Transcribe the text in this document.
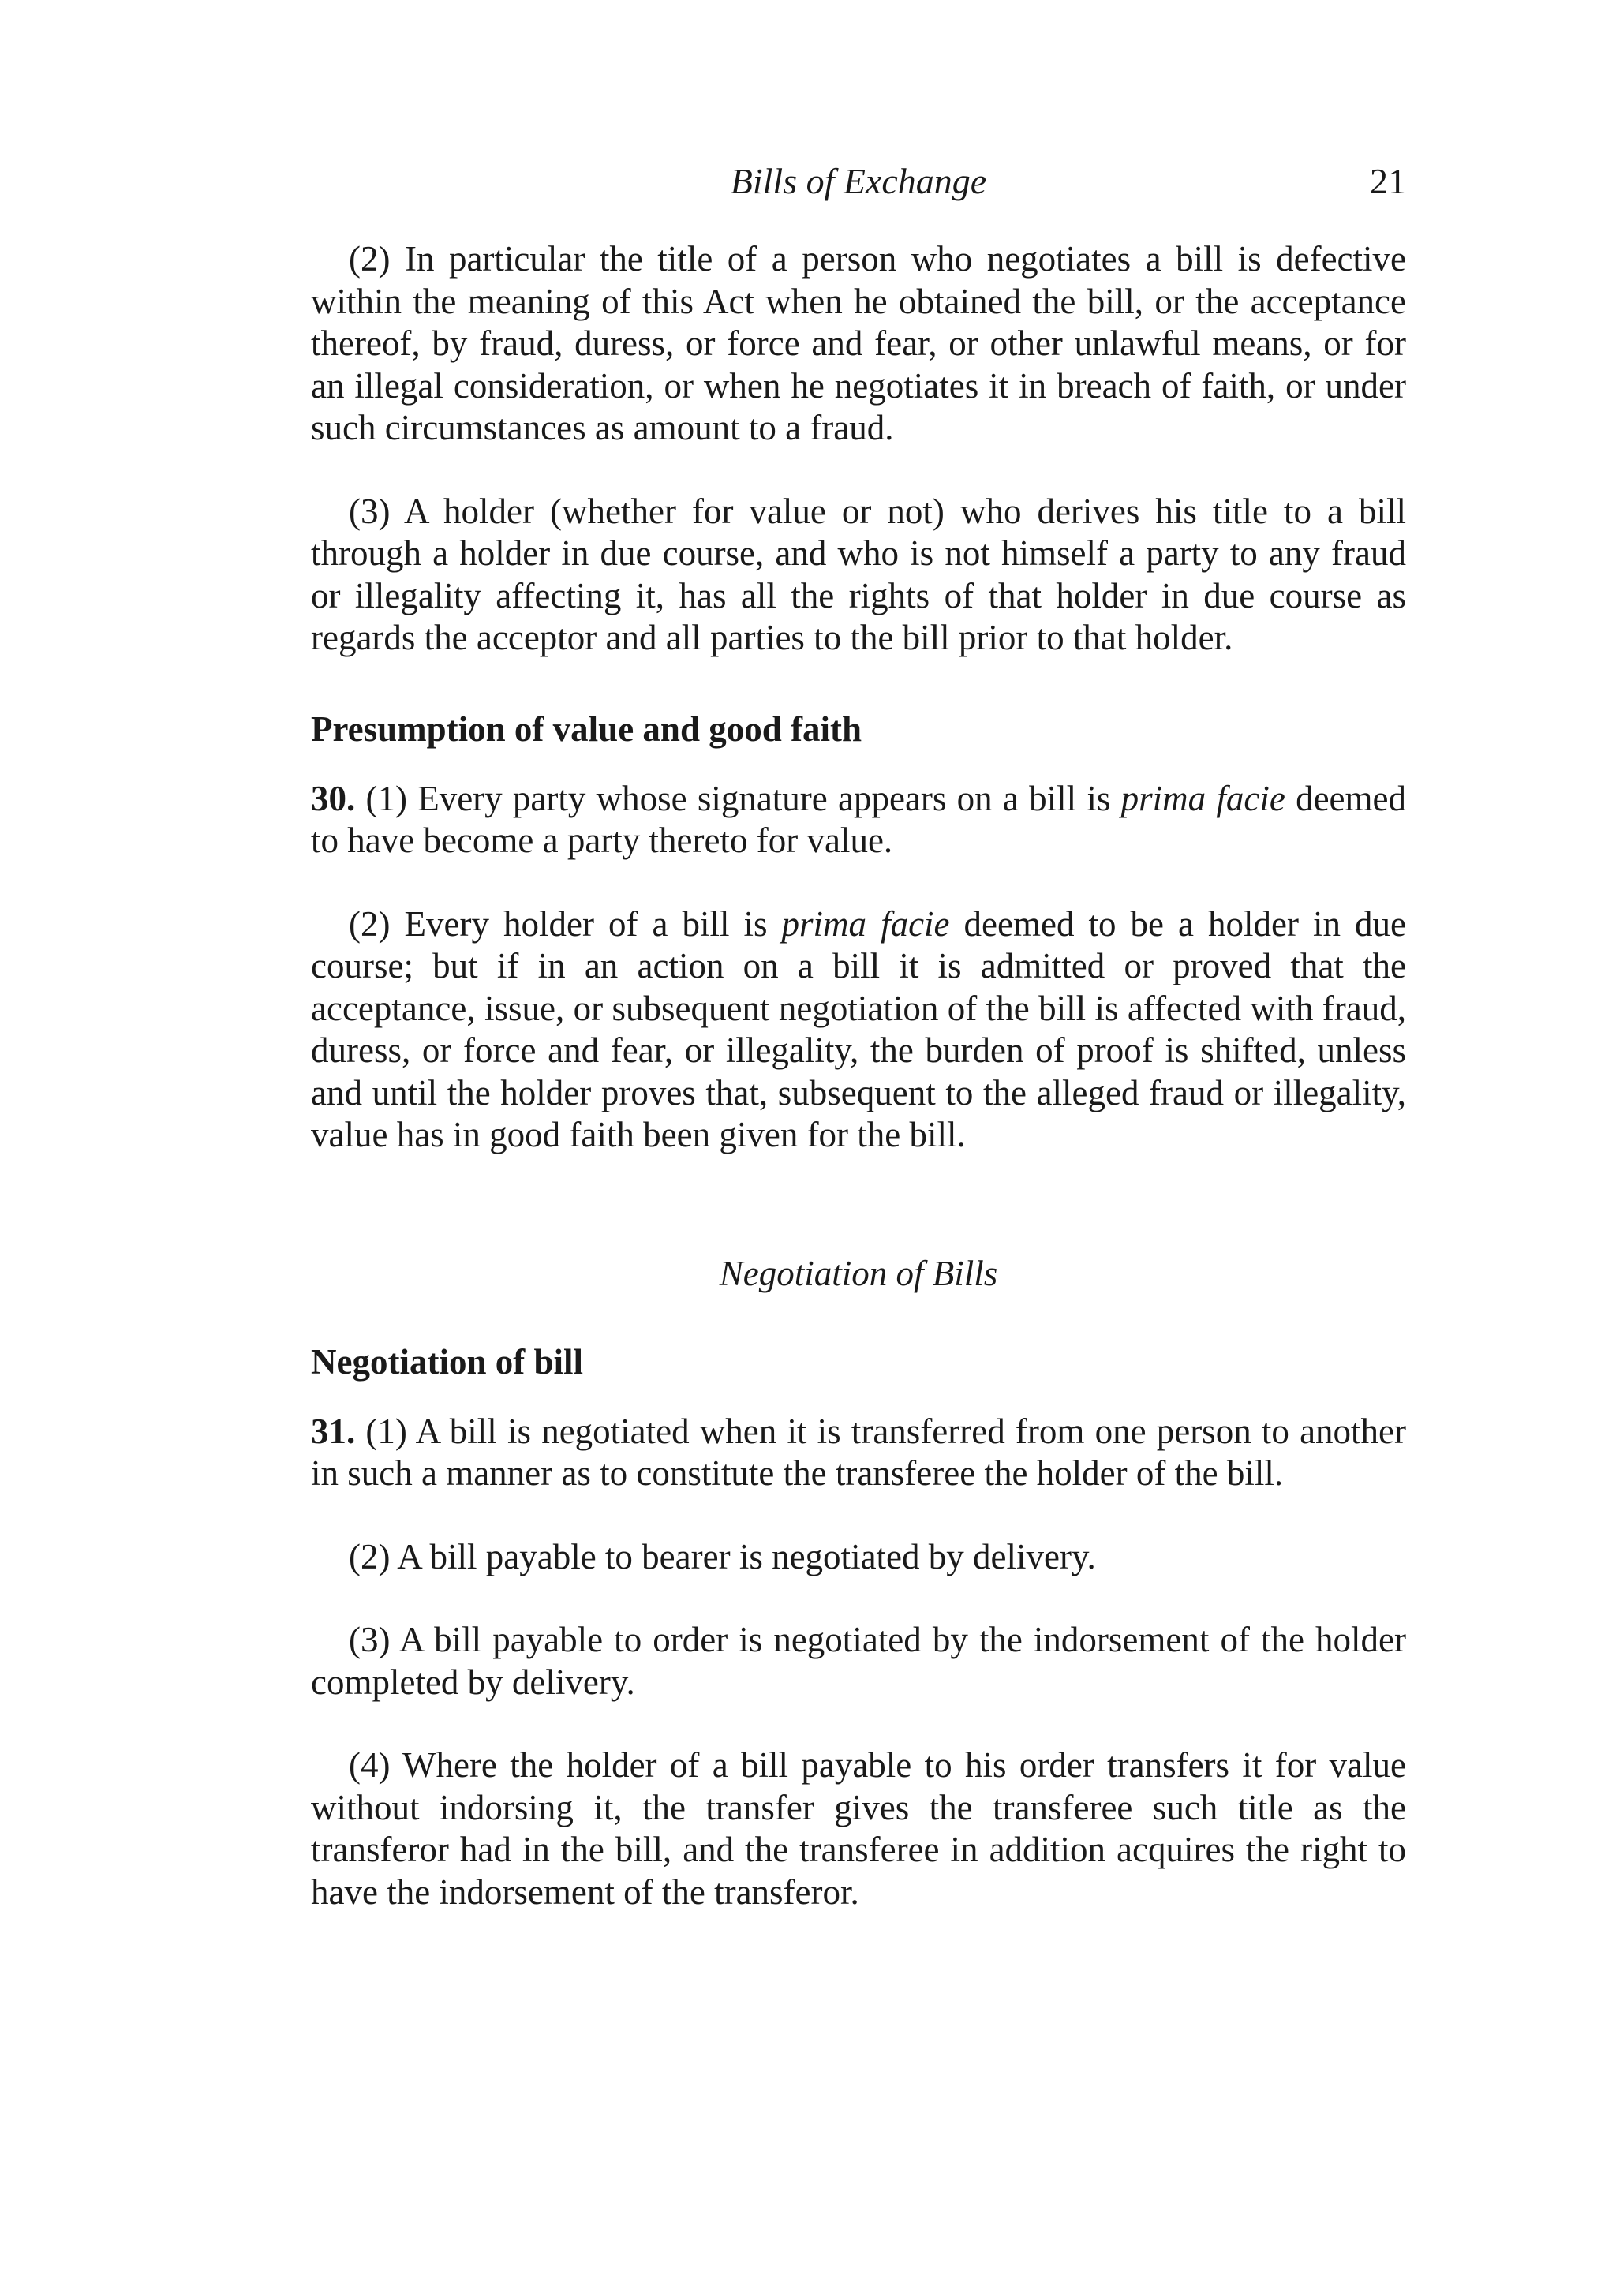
Bills of Exchange	21

(2) In particular the title of a person who negotiates a bill is defective within the meaning of this Act when he obtained the bill, or the acceptance thereof, by fraud, duress, or force and fear, or other unlawful means, or for an illegal consideration, or when he negotiates it in breach of faith, or under such circumstances as amount to a fraud.

(3) A holder (whether for value or not) who derives his title to a bill through a holder in due course, and who is not himself a party to any fraud or illegality affecting it, has all the rights of that holder in due course as regards the acceptor and all parties to the bill prior to that holder.

Presumption of value and good faith

30. (1) Every party whose signature appears on a bill is prima facie deemed to have become a party thereto for value.

(2) Every holder of a bill is prima facie deemed to be a holder in due course; but if in an action on a bill it is admitted or proved that the acceptance, issue, or subsequent negotiation of the bill is affected with fraud, duress, or force and fear, or illegality, the burden of proof is shifted, unless and until the holder proves that, subsequent to the alleged fraud or illegality, value has in good faith been given for the bill.

Negotiation of Bills
Negotiation of bill

31. (1) A bill is negotiated when it is transferred from one person to another in such a manner as to constitute the transferee the holder of the bill.

(2) A bill payable to bearer is negotiated by delivery.

(3) A bill payable to order is negotiated by the indorsement of the holder completed by delivery.

(4) Where the holder of a bill payable to his order transfers it for value without indorsing it, the transfer gives the transferee such title as the transferor had in the bill, and the transferee in addition acquires the right to have the indorsement of the transferor.
